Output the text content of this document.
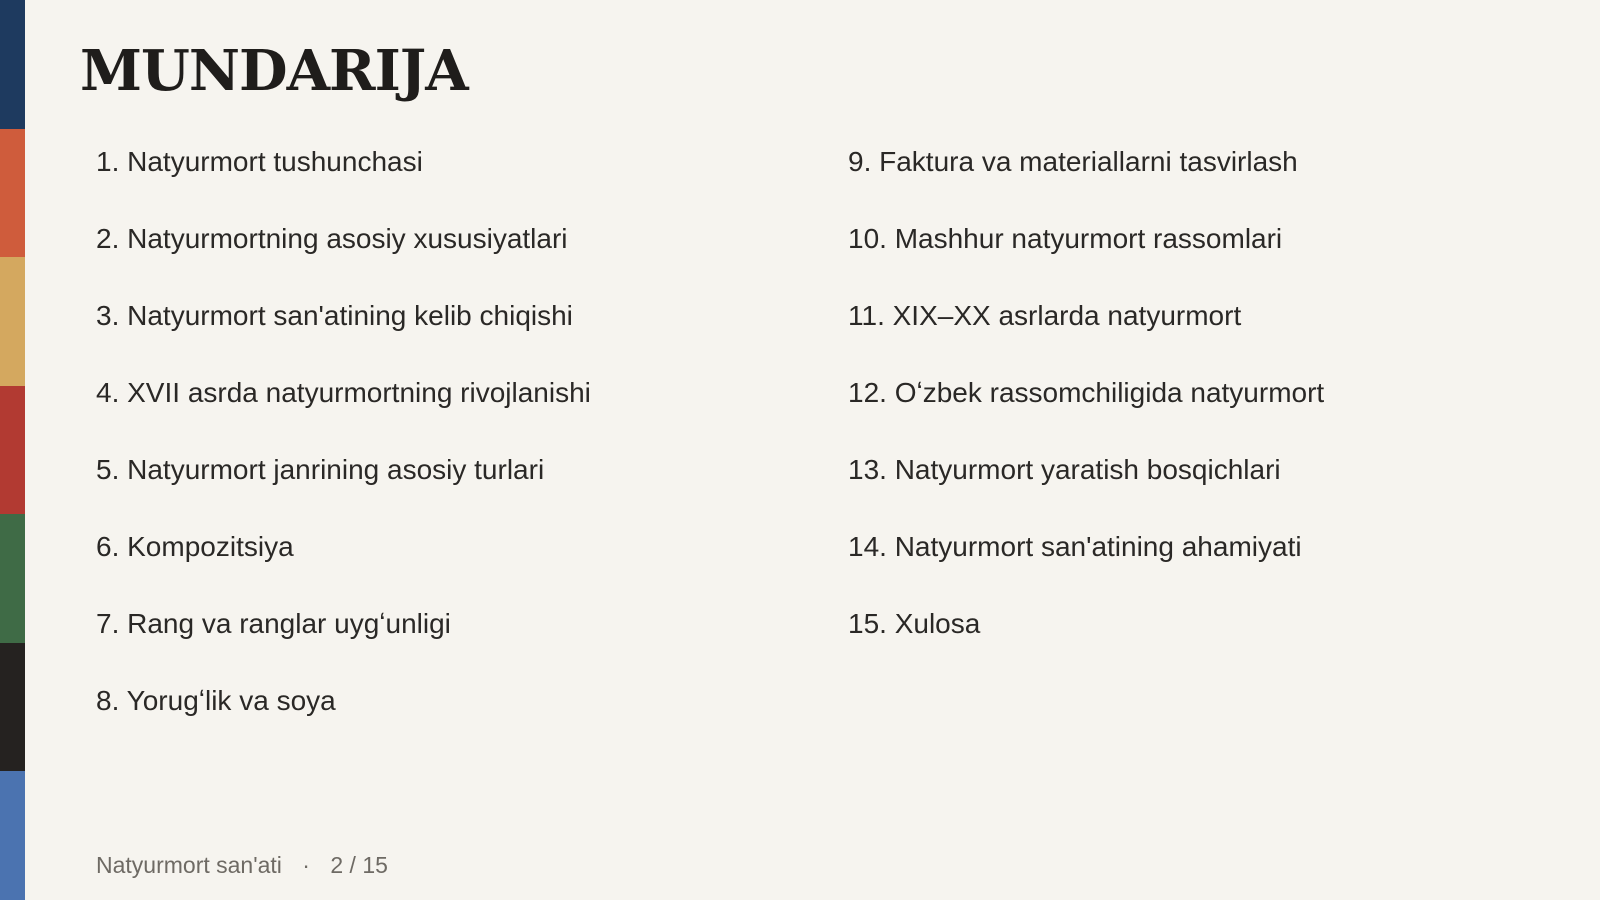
MUNDARIJA
1. Natyurmort tushunchasi
2. Natyurmortning asosiy xususiyatlari
3. Natyurmort san'atining kelib chiqishi
4. XVII asrda natyurmortning rivojlanishi
5. Natyurmort janrining asosiy turlari
6. Kompozitsiya
7. Rang va ranglar uygʻunligi
8. Yorugʻlik va soya
9. Faktura va materiallarni tasvirlash
10. Mashhur natyurmort rassomlari
11. XIX–XX asrlarda natyurmort
12. Oʻzbek rassomchiligida natyurmort
13. Natyurmort yaratish bosqichlari
14. Natyurmort san'atining ahamiyati
15. Xulosa
Natyurmort san'ati · 2 / 15
